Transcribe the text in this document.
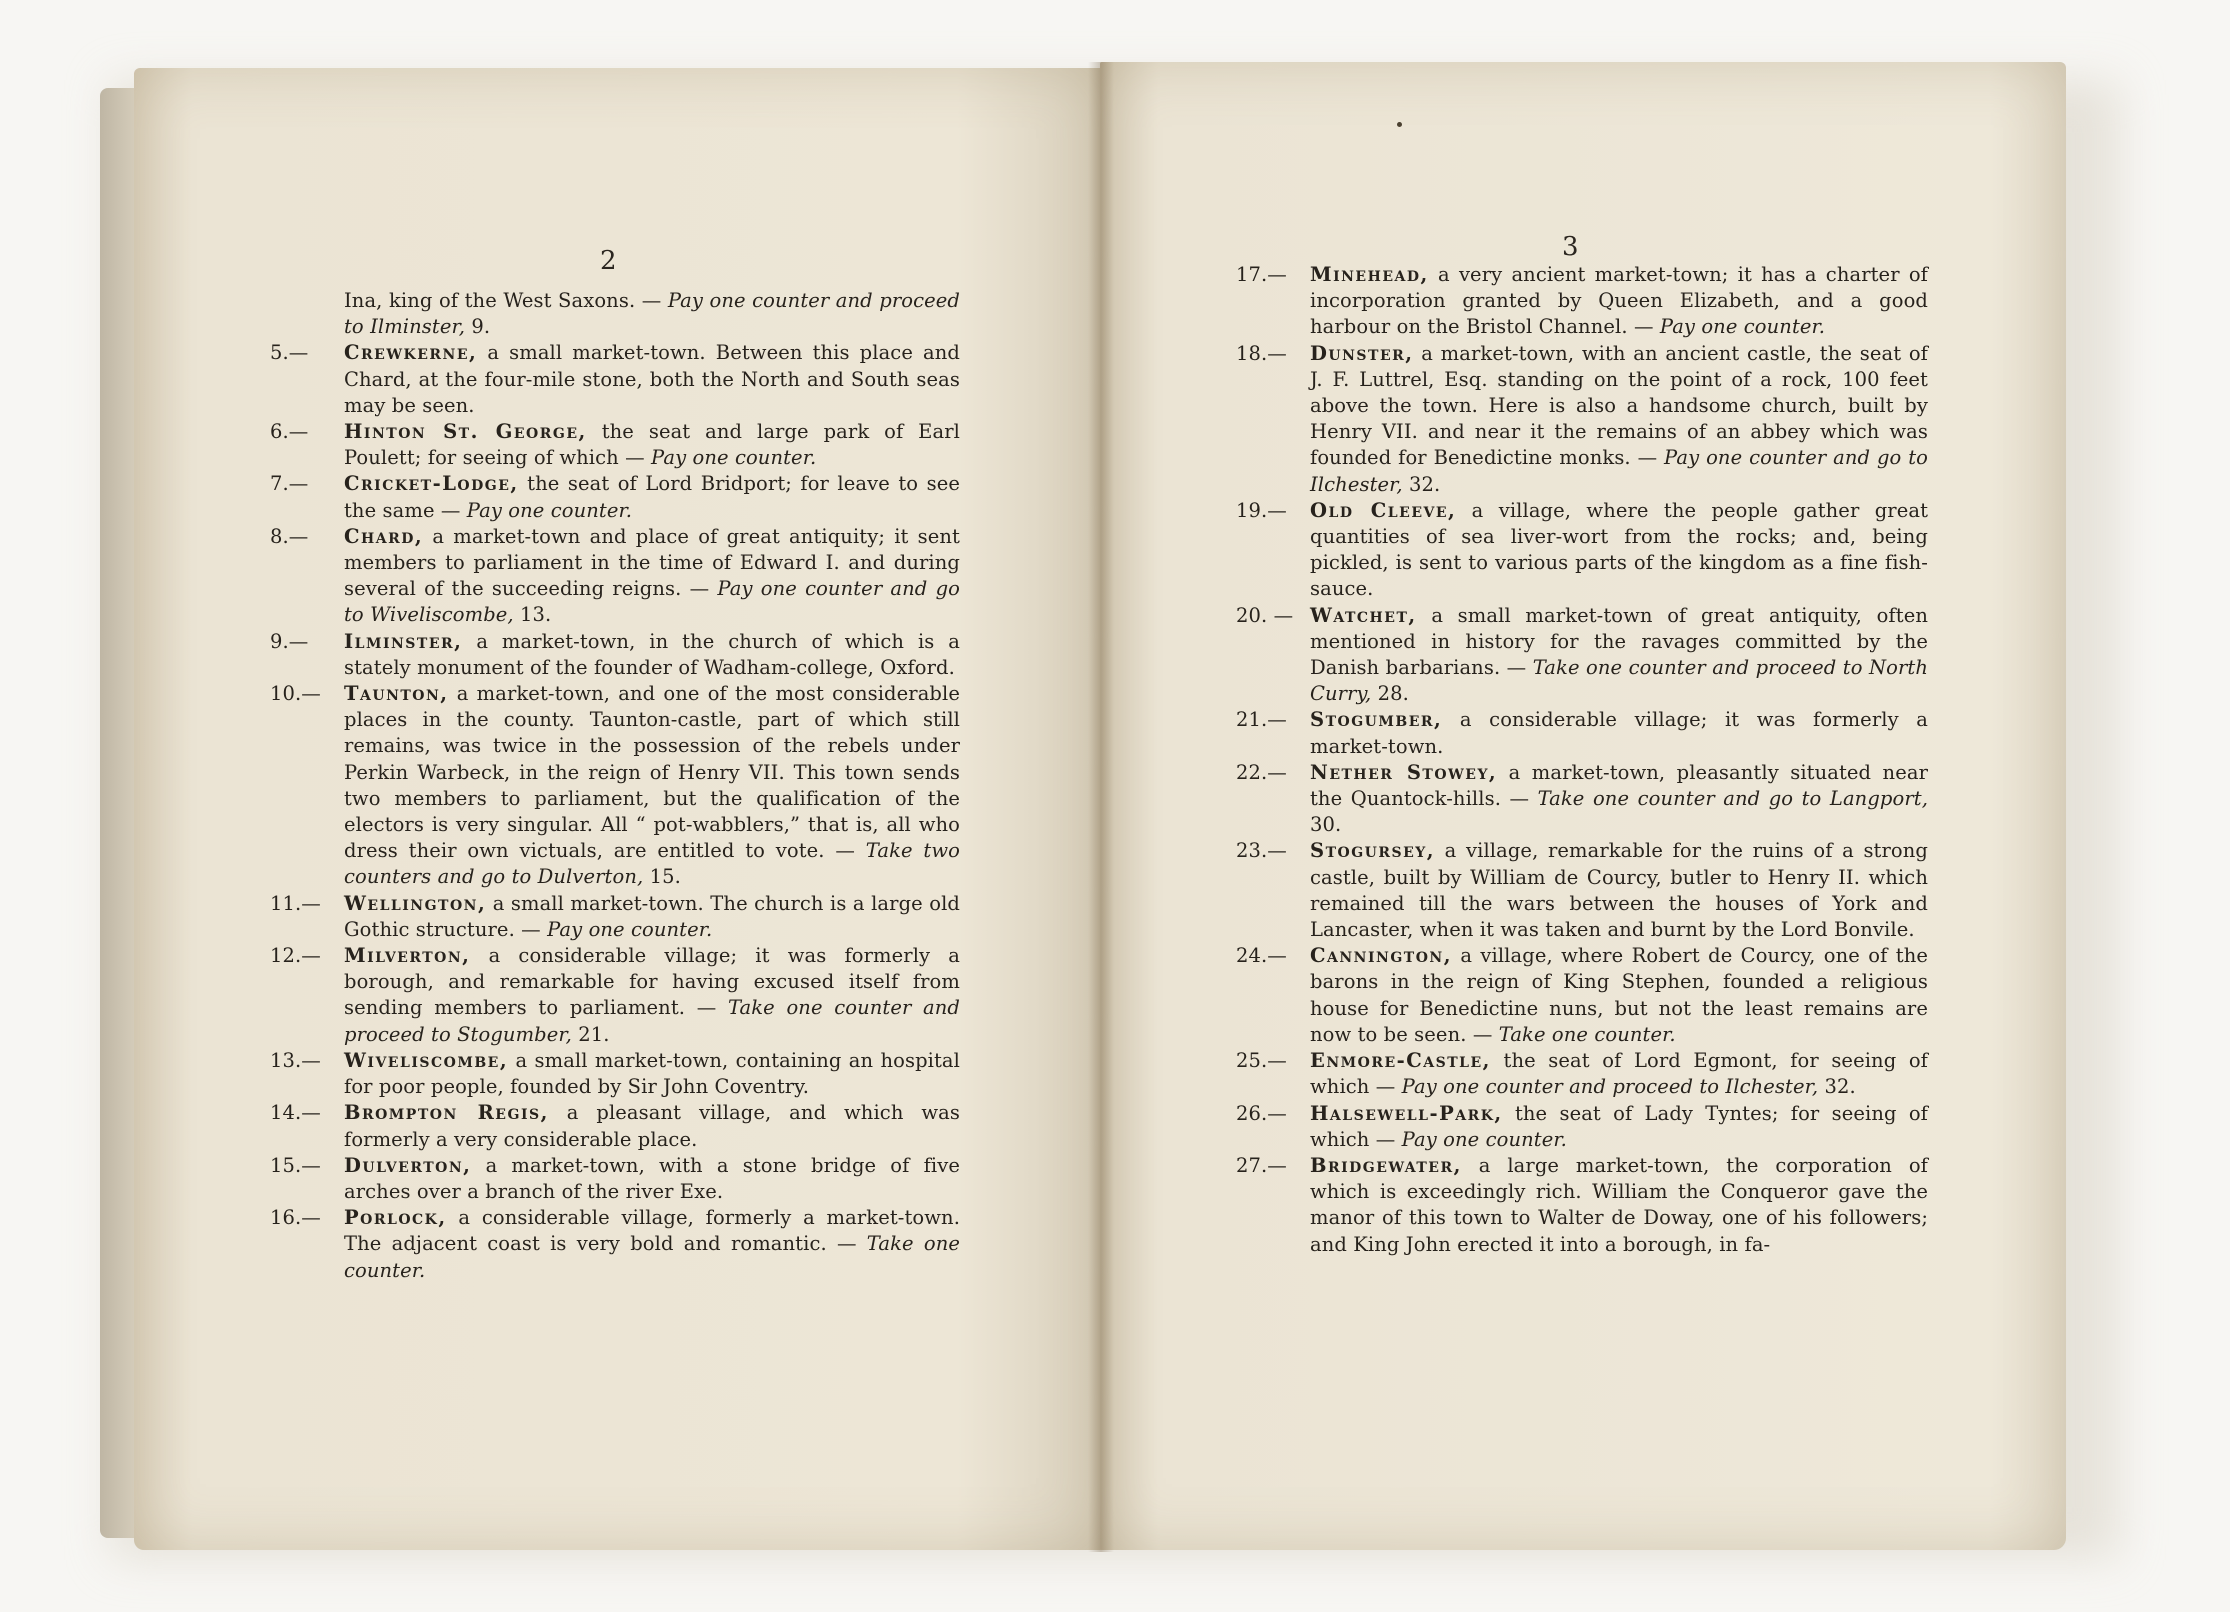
2	3

Ina, king of the West Saxons. — Pay one counter and proceed to Ilminster, 9.

5.— Crewkerne, a small market-town. Between this place and Chard, at the four-mile stone, both the North and South seas may be seen.

6.— Hinton St. George, the seat and large park of Earl Poulett; for seeing of which — Pay one counter.

7.— Cricket-Lodge, the seat of Lord Bridport; for leave to see the same — Pay one counter.

8.— Chard, a market-town and place of great antiquity; it sent members to parliament in the time of Edward I. and during several of the succeeding reigns. — Pay one counter and go to Wiveliscombe, 13.

9.— Ilminster, a market-town, in the church of which is a stately monument of the founder of Wadham-college, Oxford.

10.— Taunton, a market-town, and one of the most considerable places in the county. Taunton-castle, part of which still remains, was twice in the possession of the rebels under Perkin Warbeck, in the reign of Henry VII. This town sends two members to parliament, but the qualification of the electors is very singular. All “ pot-wabblers,” that is, all who dress their own victuals, are entitled to vote. — Take two counters and go to Dulverton, 15.

11.— Wellington, a small market-town. The church is a large old Gothic structure. — Pay one counter.

12.— Milverton, a considerable village; it was formerly a borough, and remarkable for having excused itself from sending members to parliament. — Take one counter and proceed to Stogumber, 21.

13.— Wiveliscombe, a small market-town, containing an hospital for poor people, founded by Sir John Coventry.

14.— Brompton Regis, a pleasant village, and which was formerly a very considerable place.

15.— Dulverton, a market-town, with a stone bridge of five arches over a branch of the river Exe.

16.— Porlock, a considerable village, formerly a market-town. The adjacent coast is very bold and romantic. — Take one counter.

17.— Minehead, a very ancient market-town; it has a charter of incorporation granted by Queen Elizabeth, and a good harbour on the Bristol Channel. — Pay one counter.

18.— Dunster, a market-town, with an ancient castle, the seat of J. F. Luttrel, Esq. standing on the point of a rock, 100 feet above the town. Here is also a handsome church, built by Henry VII. and near it the remains of an abbey which was founded for Benedictine monks. — Pay one counter and go to Ilchester, 32.

19.— Old Cleeve, a village, where the people gather great quantities of sea liver-wort from the rocks; and, being pickled, is sent to various parts of the kingdom as a fine fish-sauce.

20. — Watchet, a small market-town of great antiquity, often mentioned in history for the ravages committed by the Danish barbarians. — Take one counter and proceed to North Curry, 28.

21.— Stogumber, a considerable village; it was formerly a market-town.

22.— Nether Stowey, a market-town, pleasantly situated near the Quantock-hills. — Take one counter and go to Langport, 30.

23.— Stogursey, a village, remarkable for the ruins of a strong castle, built by William de Courcy, butler to Henry II. which remained till the wars between the houses of York and Lancaster, when it was taken and burnt by the Lord Bonvile.

24.— Cannington, a village, where Robert de Courcy, one of the barons in the reign of King Stephen, founded a religious house for Benedictine nuns, but not the least remains are now to be seen. — Take one counter.

25.— Enmore-Castle, the seat of Lord Egmont, for seeing of which — Pay one counter and proceed to Ilchester, 32.

26.— Halsewell-Park, the seat of Lady Tyntes; for seeing of which — Pay one counter.

27.— Bridgewater, a large market-town, the corporation of which is exceedingly rich. William the Conqueror gave the manor of this town to Walter de Doway, one of his followers; and King John erected it into a borough, in fa-
